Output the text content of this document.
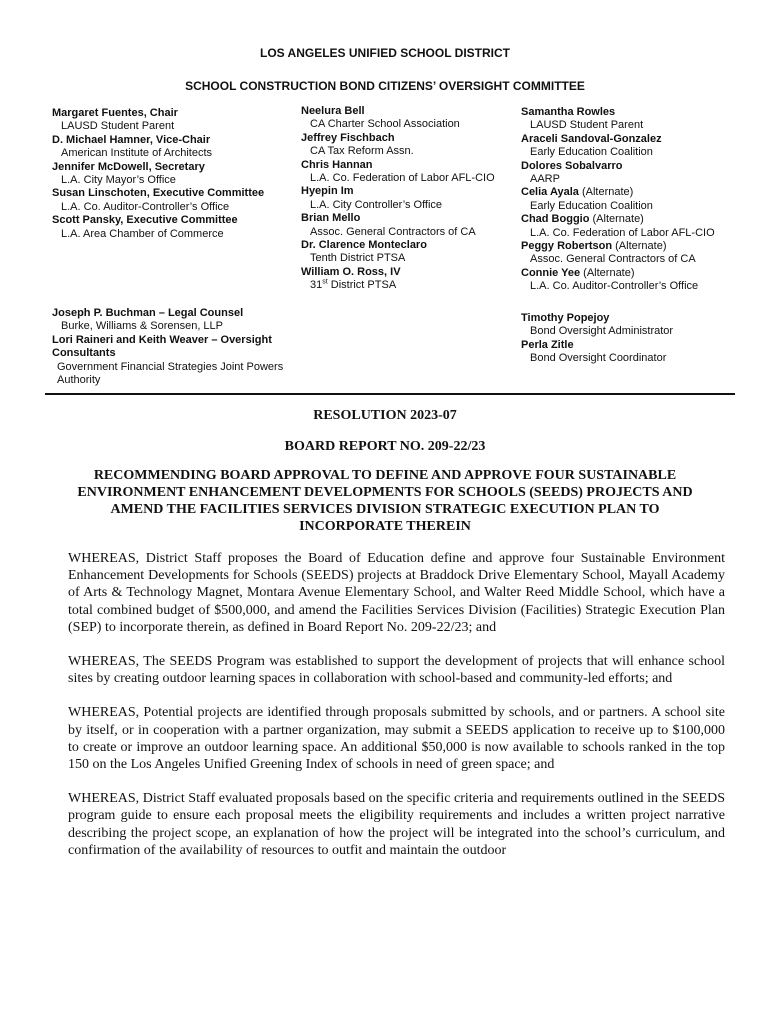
LOS ANGELES UNIFIED SCHOOL DISTRICT
SCHOOL CONSTRUCTION BOND CITIZENS’ OVERSIGHT COMMITTEE
Margaret Fuentes, Chair
LAUSD Student Parent
D. Michael Hamner, Vice-Chair
American Institute of Architects
Jennifer McDowell, Secretary
L.A. City Mayor’s Office
Susan Linschoten, Executive Committee
L.A. Co. Auditor-Controller’s Office
Scott Pansky, Executive Committee
L.A. Area Chamber of Commerce
Neelura Bell
CA Charter School Association
Jeffrey Fischbach
CA Tax Reform Assn.
Chris Hannan
L.A. Co. Federation of Labor AFL-CIO
Hyepin Im
L.A. City Controller’s Office
Brian Mello
Assoc. General Contractors of CA
Dr. Clarence Monteclaro
Tenth District PTSA
William O. Ross, IV
31st District PTSA
Samantha Rowles
LAUSD Student Parent
Araceli Sandoval-Gonzalez
Early Education Coalition
Dolores Sobalvarro
AARP
Celia Ayala (Alternate)
Early Education Coalition
Chad Boggio (Alternate)
L.A. Co. Federation of Labor AFL-CIO
Peggy Robertson (Alternate)
Assoc. General Contractors of CA
Connie Yee (Alternate)
L.A. Co. Auditor-Controller’s Office
Joseph P. Buchman – Legal Counsel
Burke, Williams & Sorensen, LLP
Lori Raineri and Keith Weaver – Oversight Consultants
Government Financial Strategies Joint Powers Authority
Timothy Popejoy
Bond Oversight Administrator
Perla Zitle
Bond Oversight Coordinator
RESOLUTION 2023-07
BOARD REPORT NO. 209-22/23
RECOMMENDING BOARD APPROVAL TO DEFINE AND APPROVE FOUR SUSTAINABLE ENVIRONMENT ENHANCEMENT DEVELOPMENTS FOR SCHOOLS (SEEDS) PROJECTS AND AMEND THE FACILITIES SERVICES DIVISION STRATEGIC EXECUTION PLAN TO INCORPORATE THEREIN

WHEREAS, District Staff proposes the Board of Education define and approve four Sustainable Environment Enhancement Developments for Schools (SEEDS) projects at Braddock Drive Elementary School, Mayall Academy of Arts & Technology Magnet, Montara Avenue Elementary School, and Walter Reed Middle School, which have a total combined budget of $500,000, and amend the Facilities Services Division (Facilities) Strategic Execution Plan (SEP) to incorporate therein, as defined in Board Report No. 209-22/23; and

WHEREAS, The SEEDS Program was established to support the development of projects that will enhance school sites by creating outdoor learning spaces in collaboration with school-based and community-led efforts; and

WHEREAS, Potential projects are identified through proposals submitted by schools, and or partners. A school site by itself, or in cooperation with a partner organization, may submit a SEEDS application to receive up to $100,000 to create or improve an outdoor learning space. An additional $50,000 is now available to schools ranked in the top 150 on the Los Angeles Unified Greening Index of schools in need of green space; and

WHEREAS, District Staff evaluated proposals based on the specific criteria and requirements outlined in the SEEDS program guide to ensure each proposal meets the eligibility requirements and includes a written project narrative describing the project scope, an explanation of how the project will be integrated into the school’s curriculum, and confirmation of the availability of resources to outfit and maintain the outdoor
